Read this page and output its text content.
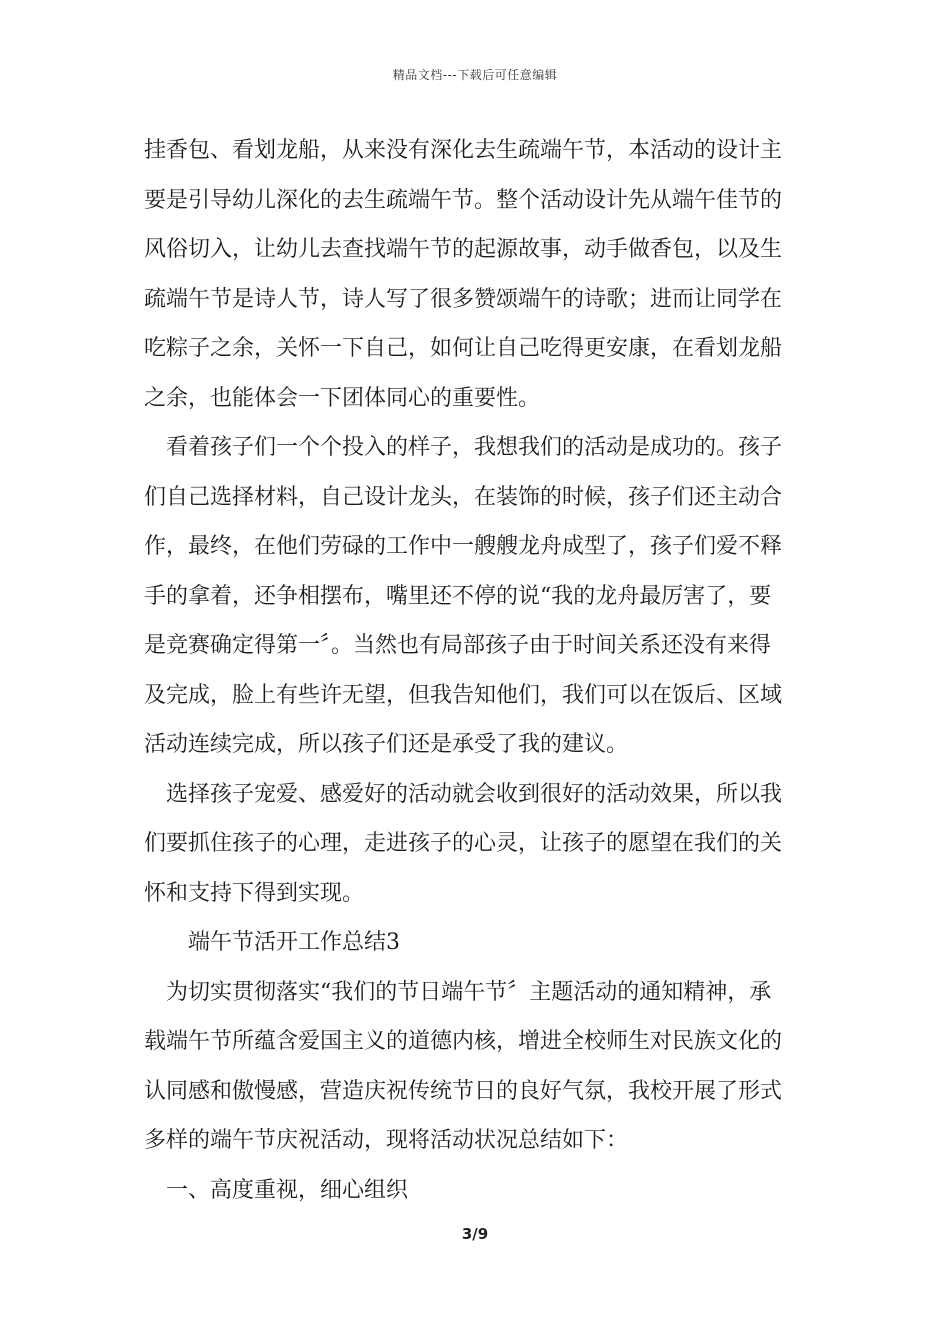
精品文档---下载后可任意编辑
挂香包、看划龙船，从来没有深化去生疏端午节，本活动的设计主
要是引导幼儿深化的去生疏端午节。整个活动设计先从端午佳节的
风俗切入，让幼儿去查找端午节的起源故事，动手做香包，以及生
疏端午节是诗人节，诗人写了很多赞颂端午的诗歌；进而让同学在
吃粽子之余，关怀一下自己，如何让自己吃得更安康，在看划龙船
之余，也能体会一下团体同心的重要性。
看着孩子们一个个投入的样子，我想我们的活动是成功的。孩子
们自己选择材料，自己设计龙头，在装饰的时候，孩子们还主动合
作，最终，在他们劳碌的工作中一艘艘龙舟成型了，孩子们爱不释
手的拿着，还争相摆布，嘴里还不停的说“我的龙舟最厉害了，要
是竞赛确定得第一〞。当然也有局部孩子由于时间关系还没有来得
及完成，脸上有些许无望，但我告知他们，我们可以在饭后、区域
活动连续完成，所以孩子们还是承受了我的建议。
选择孩子宠爱、感爱好的活动就会收到很好的活动效果，所以我
们要抓住孩子的心理，走进孩子的心灵，让孩子的愿望在我们的关
怀和支持下得到实现。
端午节活开工作总结3
为切实贯彻落实“我们的节日端午节〞主题活动的通知精神，承
载端午节所蕴含爱国主义的道德内核，增进全校师生对民族文化的
认同感和傲慢感，营造庆祝传统节日的良好气氛，我校开展了形式
多样的端午节庆祝活动，现将活动状况总结如下：
一、高度重视，细心组织
3/9
